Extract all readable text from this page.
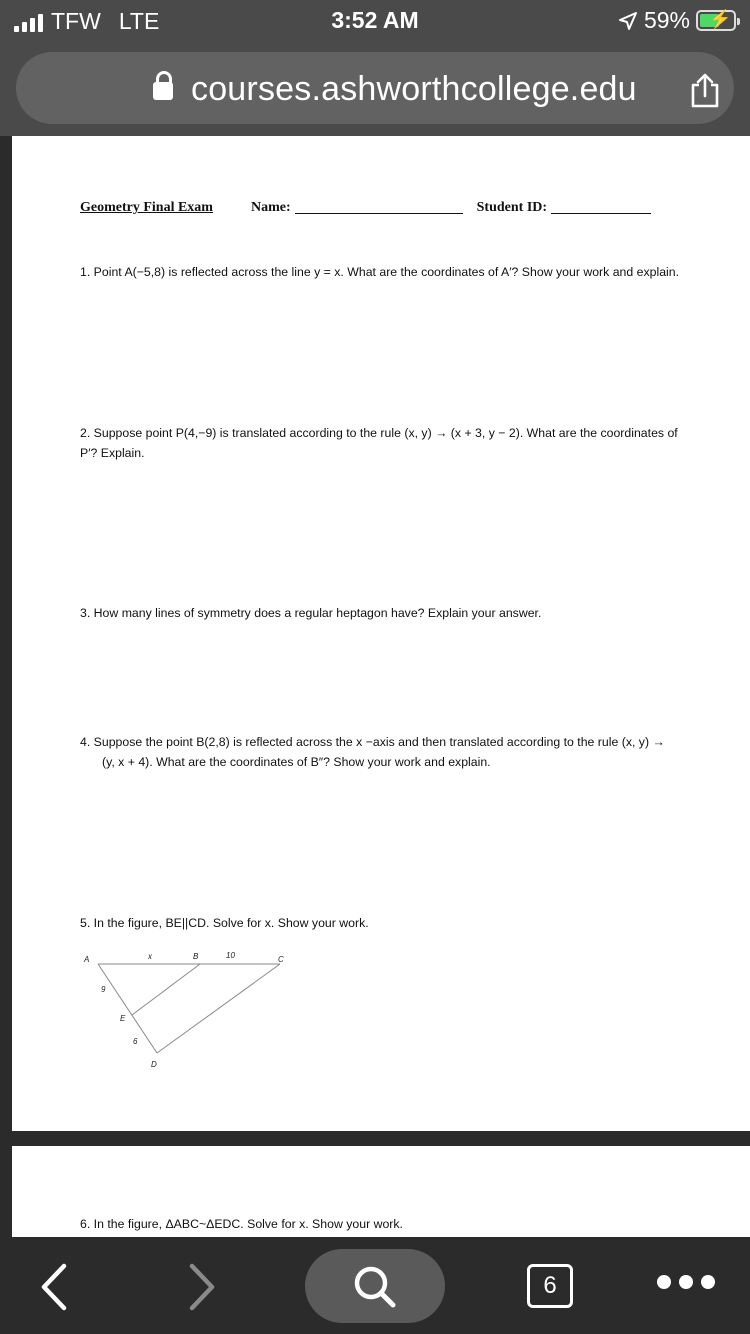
TFW LTE	3:52 AM	59% ⚡
courses.ashworthcollege.edu
Geometry Final Exam	Name:	Student ID:
1. Point A(−5,8) is reflected across the line y = x. What are the coordinates of A′? Show your work and explain.
2. Suppose point P(4,−9) is translated according to the rule (x, y) → (x + 3, y − 2). What are the coordinates of
P′? Explain.
3. How many lines of symmetry does a regular heptagon have? Explain your answer.
4. Suppose the point B(2,8) is reflected across the x −axis and then translated according to the rule (x, y) →
(y, x + 4). What are the coordinates of B″? Show your work and explain.
5. In the figure, BE||CD. Solve for x. Show your work.
A	x	B	10	C
9
E
6
D
6. In the figure, ΔABC~ΔEDC. Solve for x. Show your work.
6
